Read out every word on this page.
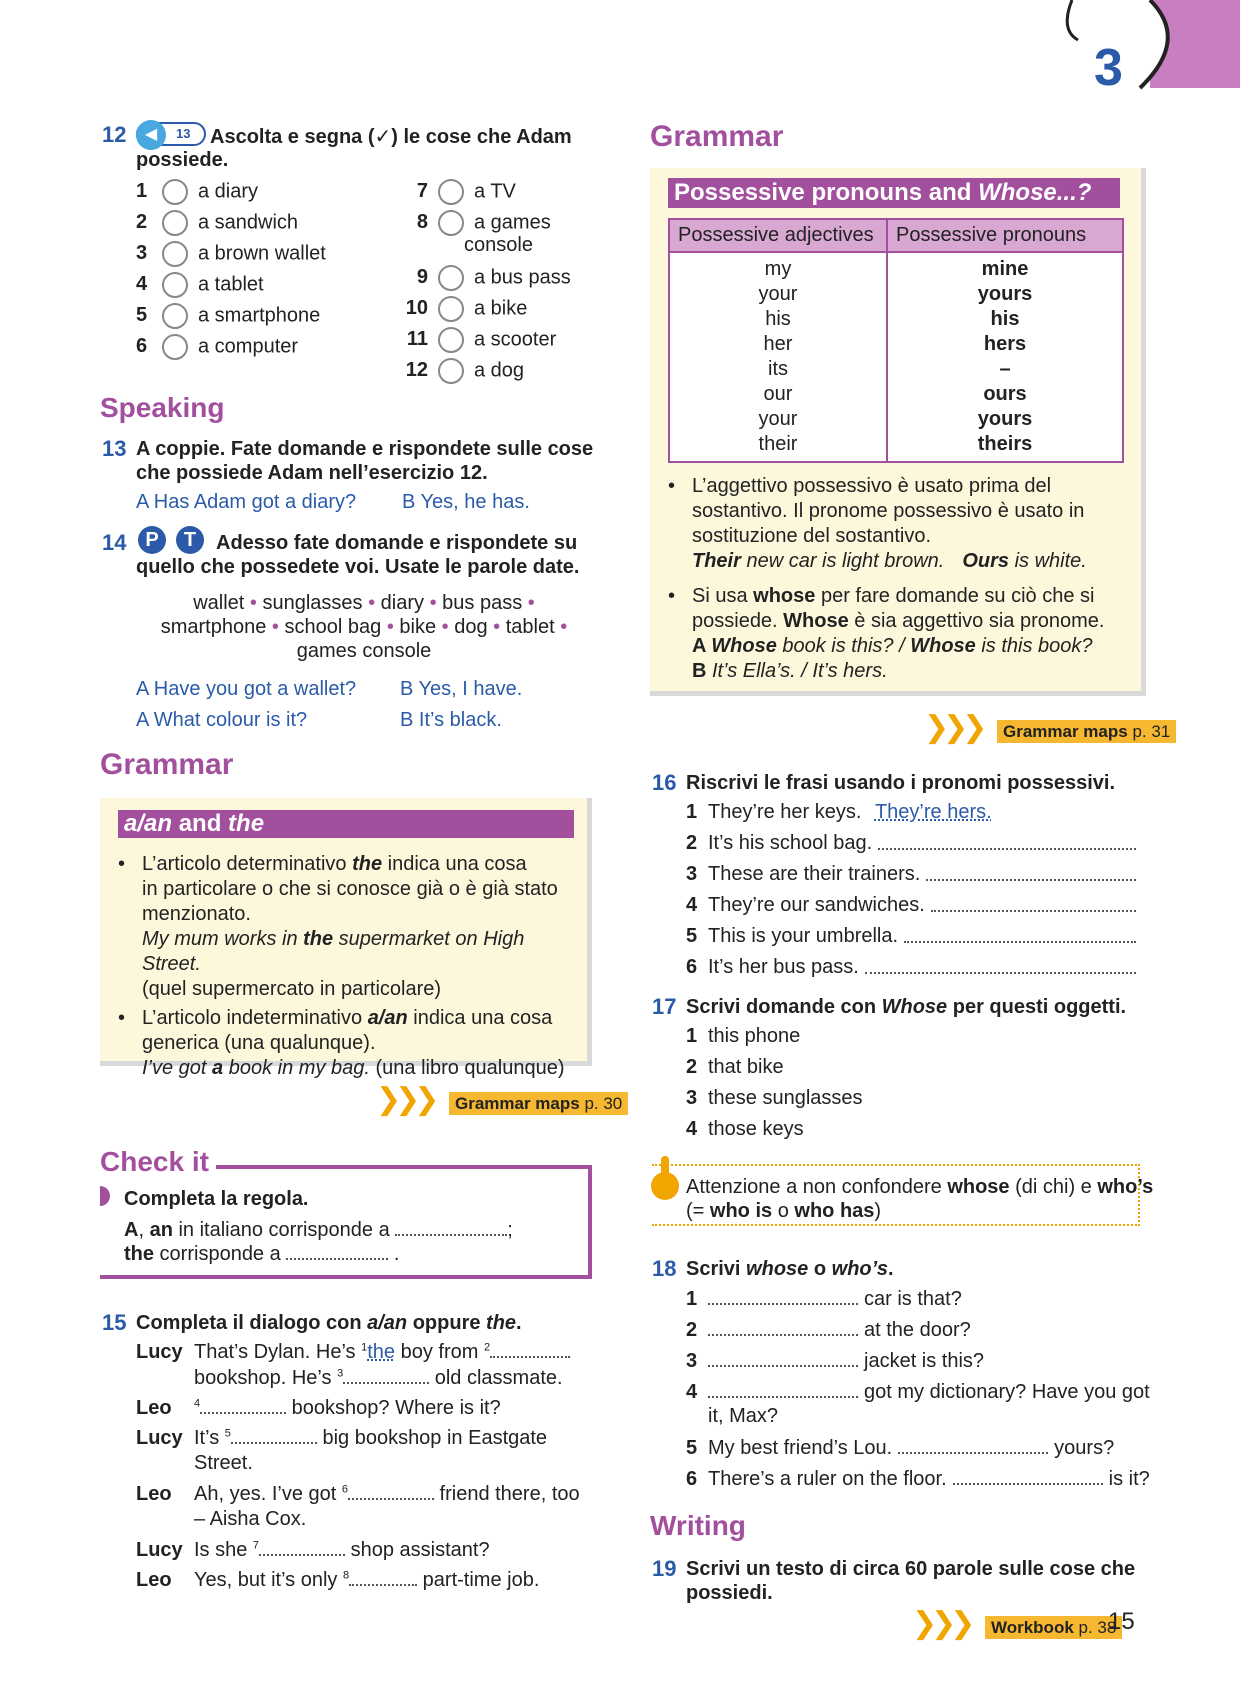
3
12	◀	13 Ascolta e segna (✓) le cose che Adam
possiede.
1	a diary
2	a sandwich
3	a brown wallet
4	a tablet
5	a smartphone
6	a computer
7 a TV
8 a games
console
9 a bus pass
10 a bike
11 a scooter
12 a dog
Speaking
13 A coppie. Fate domande e rispondete sulle cose
che possiede Adam nell’esercizio 12.
A Has Adam got a diary? B Yes, he has.
14 P	T Adesso fate domande e rispondete su
quello che possedete voi. Usate le parole date.
wallet • sunglasses • diary • bus pass •
smartphone • school bag • bike • dog • tablet •
games console
A Have you got a wallet? B Yes, I have.
A What colour is it?	B It’s black.
Grammar
a/an and the
• L’articolo determinativo the indica una cosa
in particolare o che si conosce già o è già stato
menzionato.
My mum works in the supermarket on High Street.
(quel supermercato in particolare)
• L’articolo indeterminativo a/an indica una cosa
generica (una qualunque).
I’ve got a book in my bag. (una libro qualunque)
❯❯❯ Grammar maps p. 30
Check it
Completa la regola.
A, an in italiano corrisponde a	;
the corrisponde a	.
15 Completa il dialogo con a/an oppure the.
Lucy That’s Dylan. He’s $^1$the boy from $^2$
bookshop. He’s $^3$	old classmate.
Leo $^4$	bookshop? Where is it?
Lucy It’s $^5$	big bookshop in Eastgate
Street.
Leo Ah, yes. I’ve got $^6$	friend there, too
– Aisha Cox.
Lucy Is she $^7$	shop assistant?
Leo Yes, but it’s only $^8$	part-time job.
Grammar
Possessive pronouns and Whose...?
Possessive adjectives	Possessive pronouns
my	mine
your	yours
his	his
her	hers
its	–
our	ours
your	yours
their	theirs
• L’aggettivo possessivo è usato prima del
sostantivo. Il pronome possessivo è usato in
sostituzione del sostantivo.
Their new car is light brown. Ours is white.
• Si usa whose per fare domande su ciò che si
possiede. Whose è sia aggettivo sia pronome.
A Whose book is this? / Whose is this book?
B It’s Ella’s. / It’s hers.
❯❯❯ Grammar maps p. 31
16 Riscrivi le frasi usando i pronomi possessivi.
1 They’re her keys. They’re hers.
2 It’s his school bag.
3 These are their trainers.
4 They’re our sandwiches.
5 This is your umbrella.
6 It’s her bus pass.
17 Scrivi domande con Whose per questi oggetti.
1 this phone
2 that bike
3 these sunglasses
4 those keys
Attenzione a non confondere whose (di chi) e who’s
(= who is o who has)
18 Scrivi whose o who’s.
1	car is that?
2	at the door?
3	jacket is this?
4	got my dictionary? Have you got
it, Max?
5 My best friend’s Lou.	yours?
6 There’s a ruler on the floor.	is it?
Writing
19 Scrivi un testo di circa 60 parole sulle cose che
possiedi.
❯❯❯ Workbook p. 38
15
